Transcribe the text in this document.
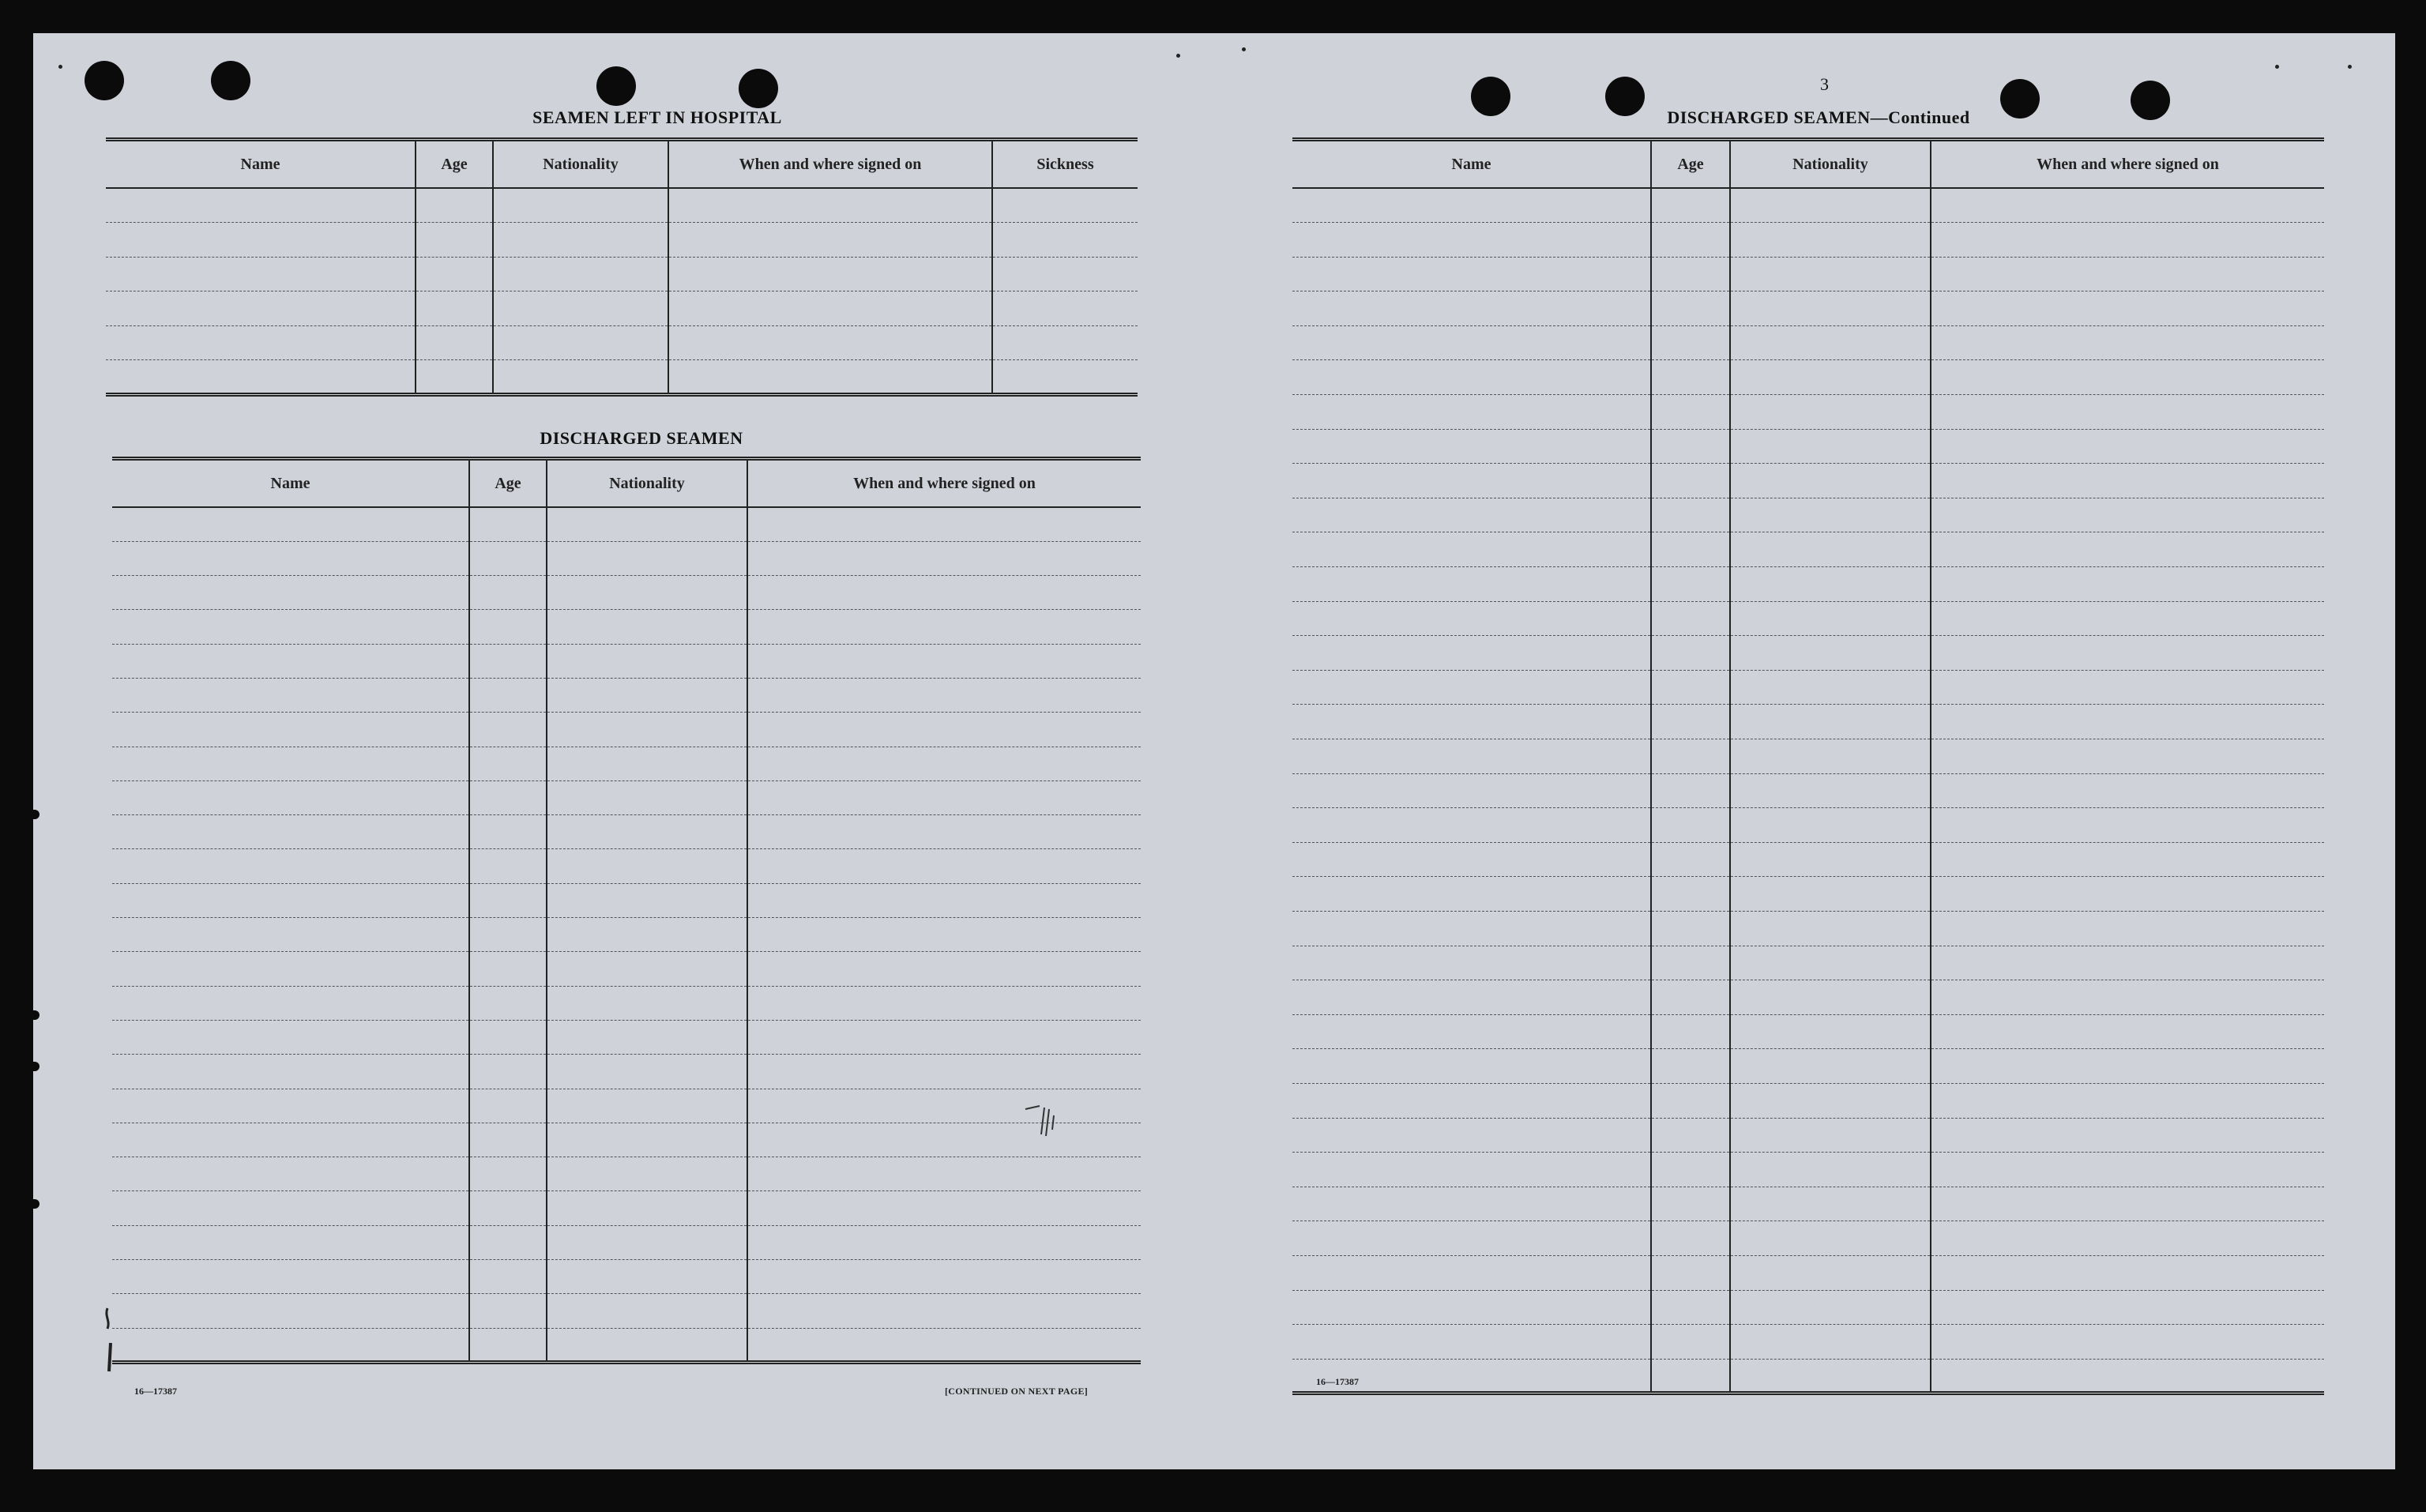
SEAMEN LEFT IN HOSPITAL
Name	Age	Nationality	When and where signed on	Sickness

DISCHARGED SEAMEN
Name	Age	Nationality	When and where signed on

16—17387	[CONTINUED ON NEXT PAGE]
3
DISCHARGED SEAMEN—Continued
Name	Age	Nationality	When and where signed on

16—17387
